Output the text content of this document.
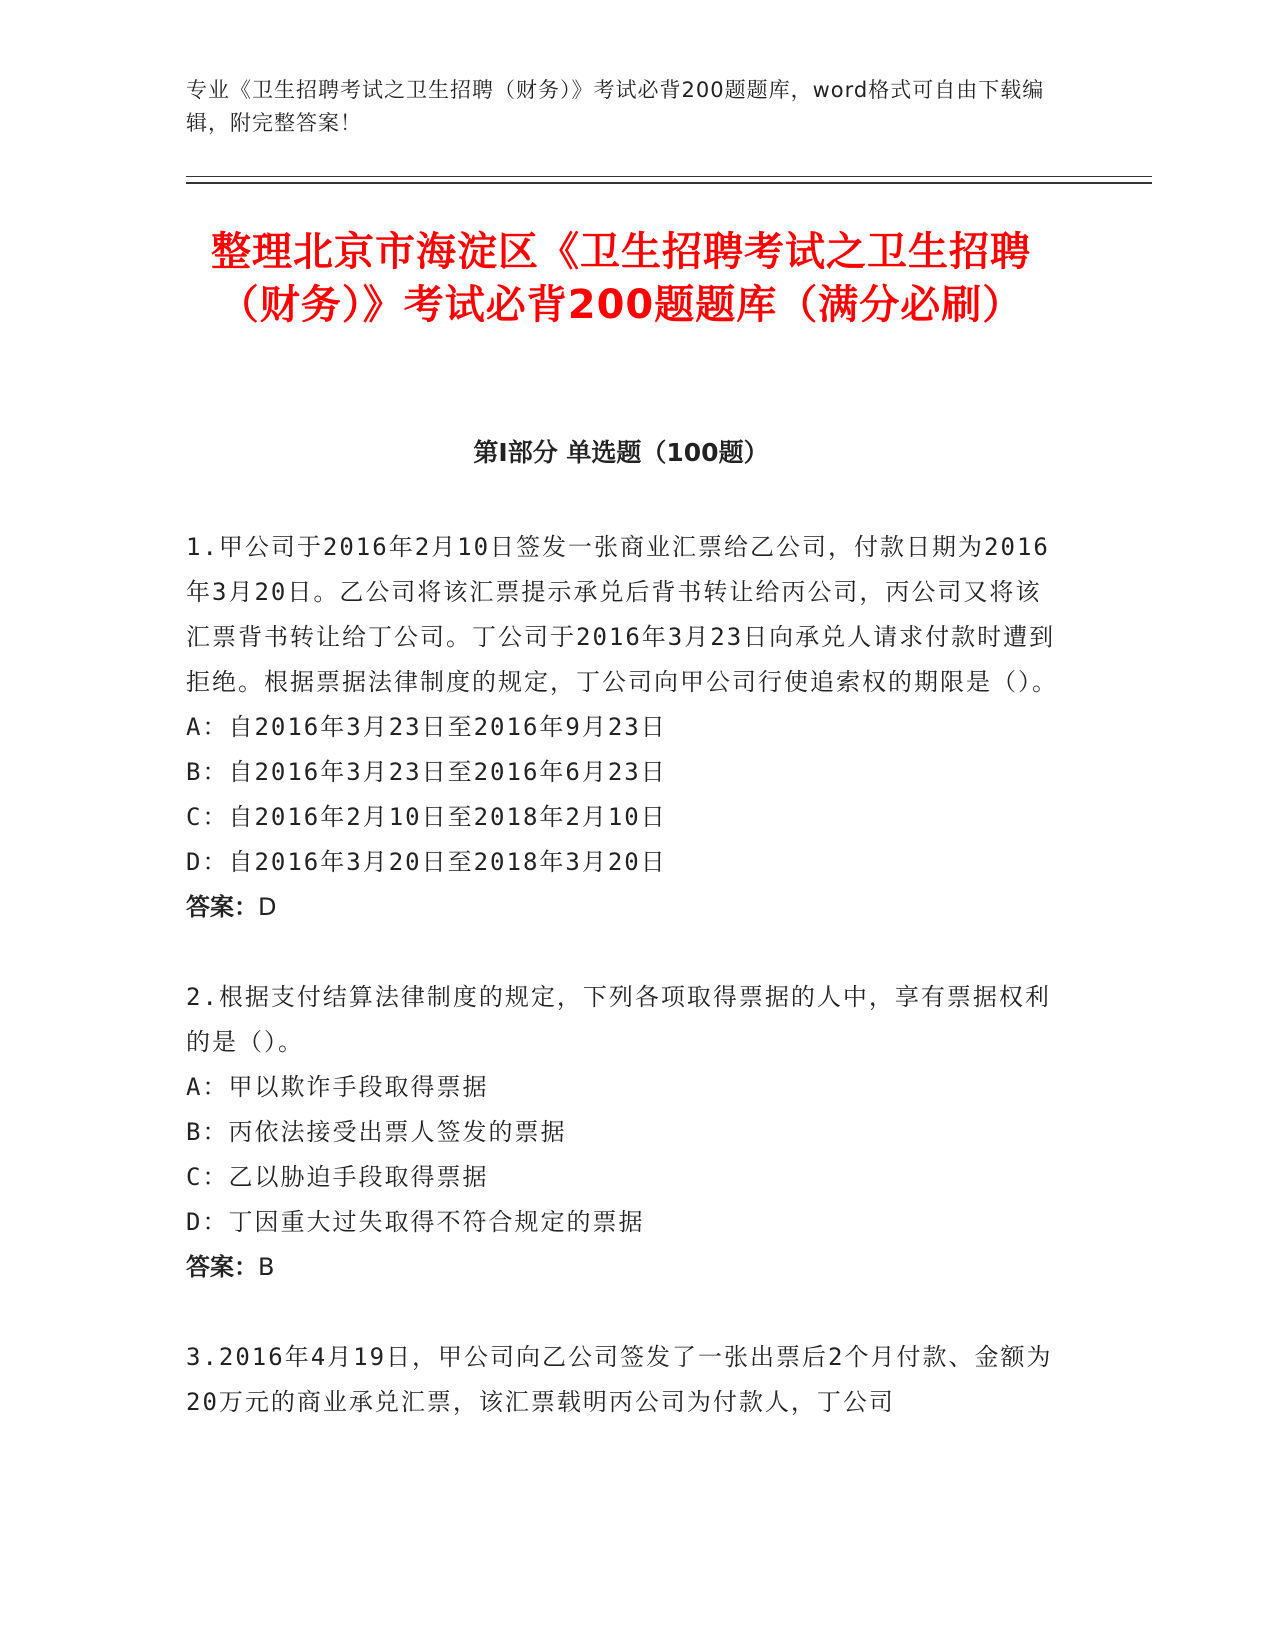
专业《卫生招聘考试之卫生招聘（财务）》考试必背200题题库，word格式可自由下载编辑，附完整答案！
整理北京市海淀区《卫生招聘考试之卫生招聘（财务）》考试必背200题题库（满分必刷）
第I部分 单选题（100题）

1.甲公司于2016年2月10日签发一张商业汇票给乙公司，付款日期为2016年3月20日。乙公司将该汇票提示承兑后背书转让给丙公司，丙公司又将该汇票背书转让给丁公司。丁公司于2016年3月23日向承兑人请求付款时遭到拒绝。根据票据法律制度的规定，丁公司向甲公司行使追索权的期限是（）。

A：自2016年3月23日至2016年9月23日

B：自2016年3月23日至2016年6月23日

C：自2016年2月10日至2018年2月10日

D：自2016年3月20日至2018年3月20日

答案：D

2.根据支付结算法律制度的规定，下列各项取得票据的人中，享有票据权利的是（）。

A：甲以欺诈手段取得票据

B：丙依法接受出票人签发的票据

C：乙以胁迫手段取得票据

D：丁因重大过失取得不符合规定的票据

答案：B

3.2016年4月19日，甲公司向乙公司签发了一张出票后2个月付款、金额为20万元的商业承兑汇票，该汇票载明丙公司为付款人，丁公司
